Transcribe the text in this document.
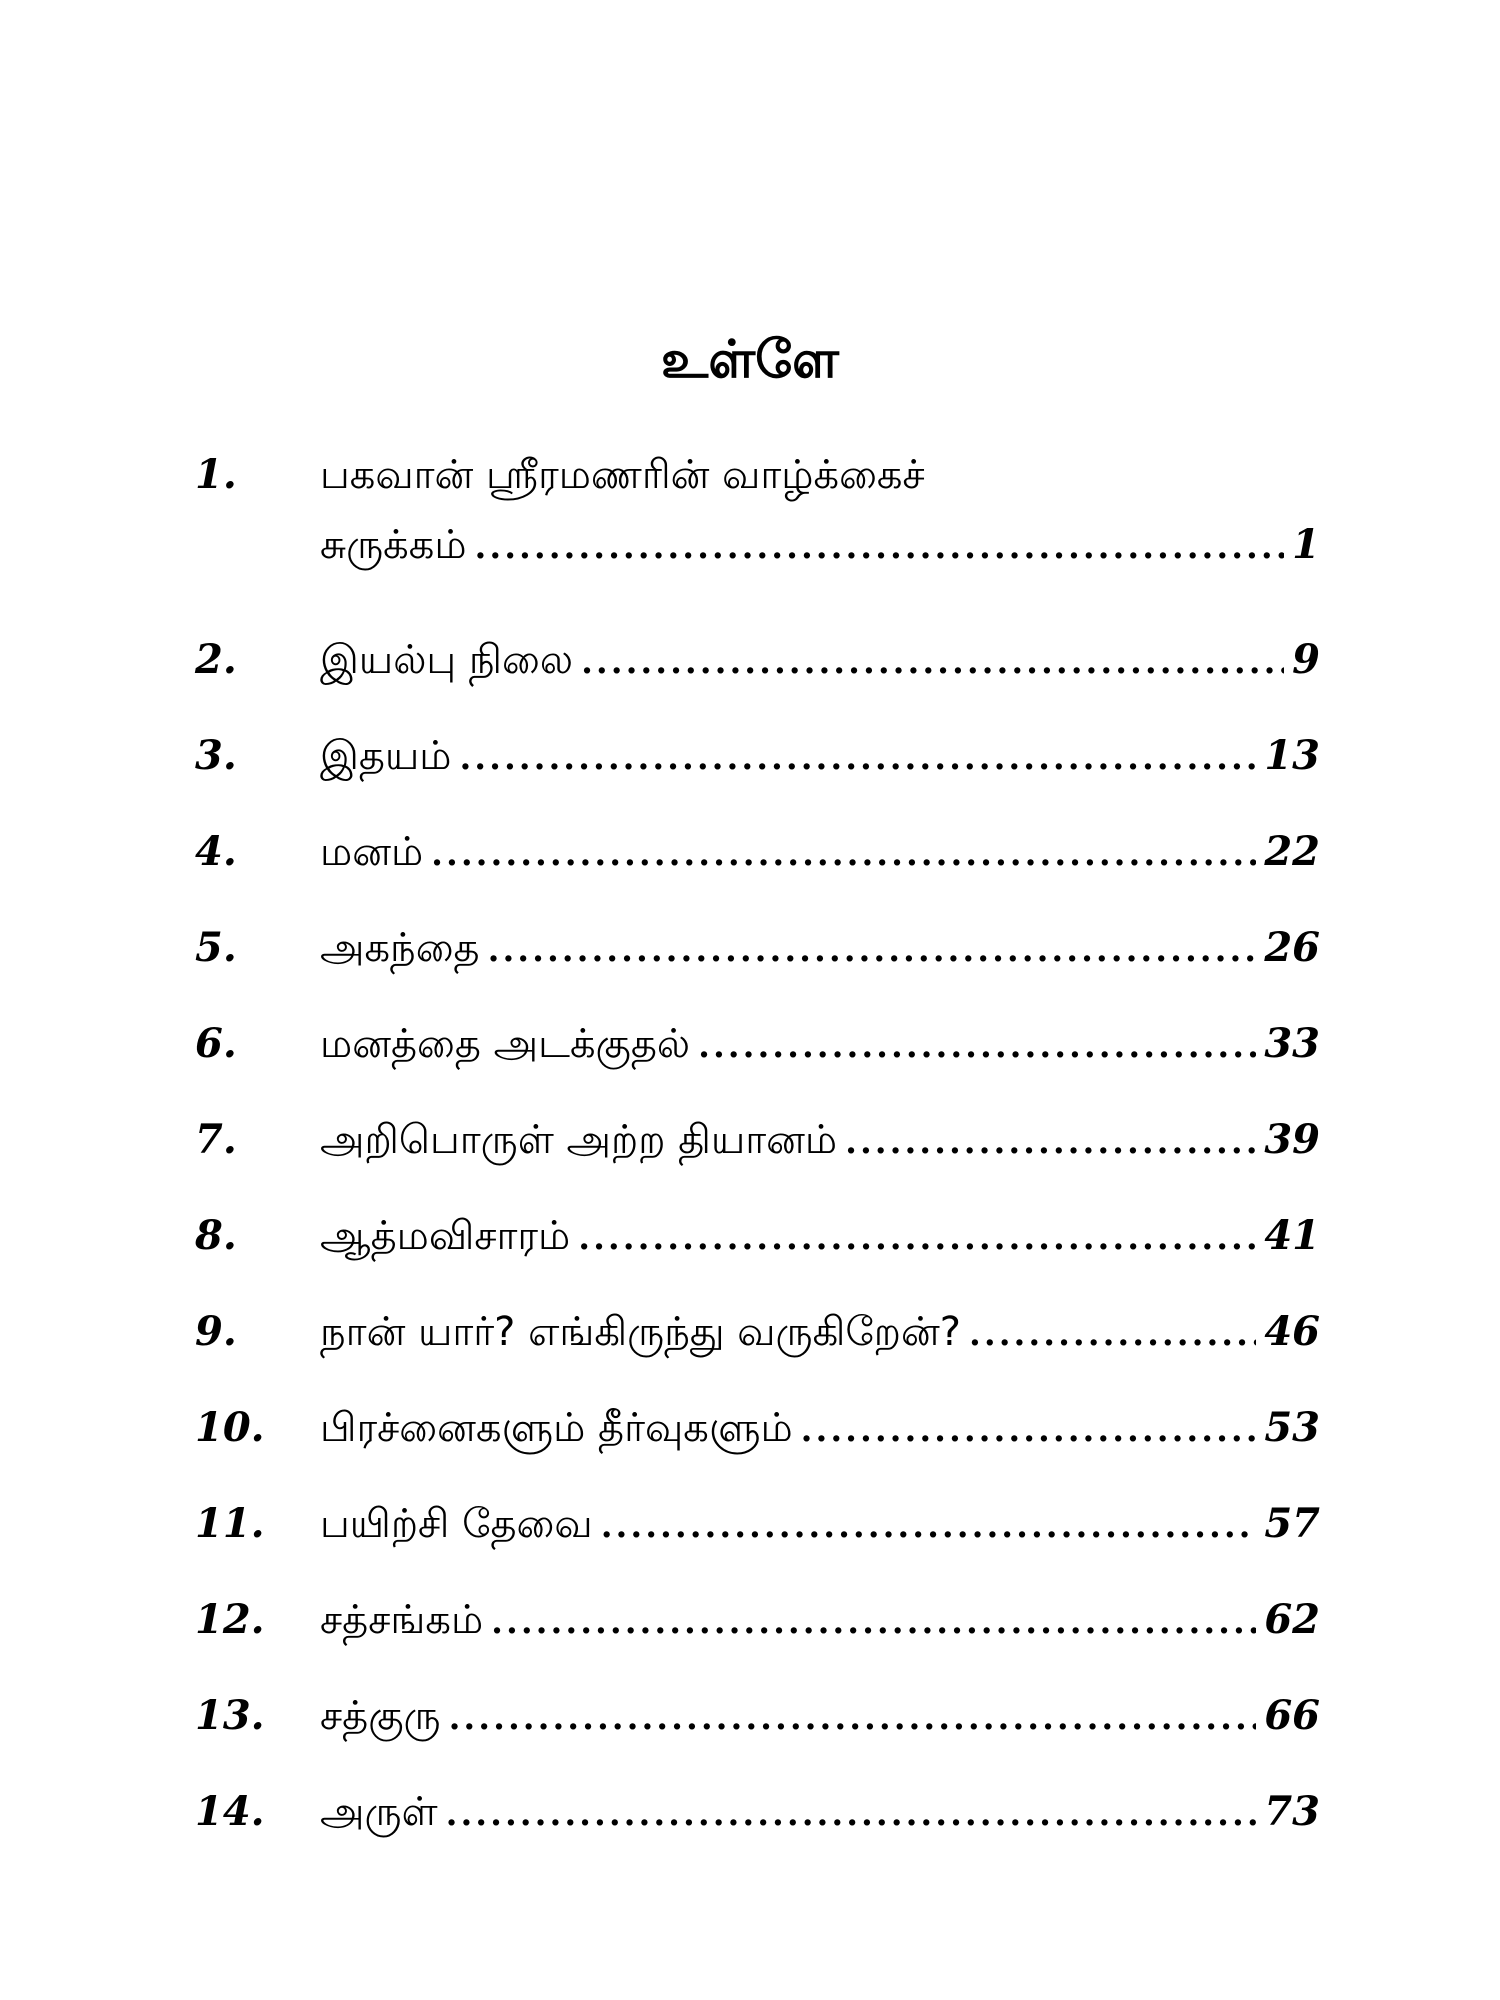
உள்ளே
1.	பகவான் ஸ்ரீரமணரின் வாழ்க்கைச்
சுருக்கம் .....	1
2.	இயல்பு நிலை .....	9
3.	இதயம் .....	13
4.	மனம் .....	22
5.	அகந்தை .....	26
6.	மனத்தை அடக்குதல் .....	33
7.	அறிபொருள் அற்ற தியானம் .....	39
8.	ஆத்மவிசாரம் .....	41
9.	நான் யார்? எங்கிருந்து வருகிறேன்? .....	46
10.	பிரச்னைகளும் தீர்வுகளும் .....	53
11.	பயிற்சி தேவை .....	57
12.	சத்சங்கம் .....	62
13.	சத்குரு .....	66
14.	அருள் .....	73
